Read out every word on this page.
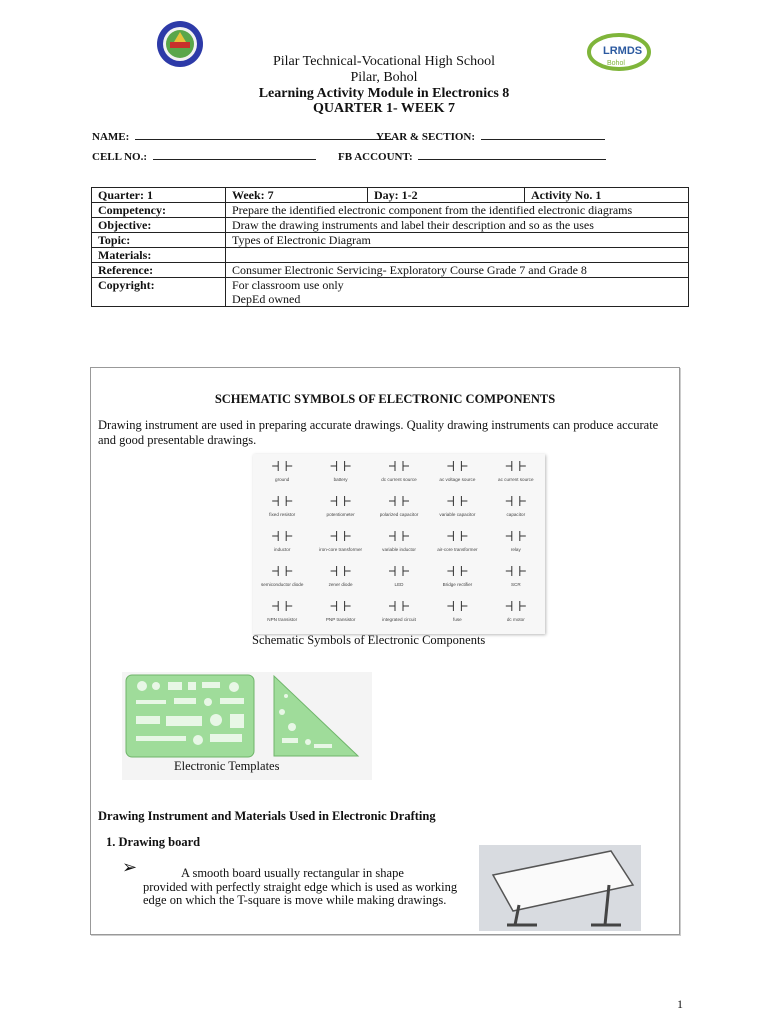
LRMDS
Bohol
Pilar Technical-Vocational High School
Pilar, Bohol
Learning Activity Module in Electronics 8
QUARTER 1- WEEK 7
NAME:	YEAR & SECTION:
CELL NO.:	FB ACCOUNT:
Quarter: 1	Week: 7	Day: 1-2	Activity No. 1
Competency:	Prepare the identified electronic component from the identified electronic diagrams		
Objective:	Draw the drawing instruments and label their description and so as the uses		
Topic:	Types of Electronic Diagram		
Materials:			
Reference:	Consumer Electronic Servicing- Exploratory Course Grade 7 and Grade 8		
Copyright:	For classroom use only
DepEd owned		
SCHEMATIC SYMBOLS OF ELECTRONIC COMPONENTS
Drawing instrument are used in preparing accurate drawings. Quality drawing instruments can produce accurate and good presentable drawings.
ground	battery	dc current source	ac voltage source	ac current source
fixed resistor	potentiometer	polarized capacitor	variable capacitor	capacitor
inductor	iron-core transformer	variable inductor	air-core transformer	relay
semiconductor diode	zener diode	LED	Bridge rectifier	SCR
NPN transistor	PNP transistor	integrated circuit	fuse	dc motor
Schematic Symbols of Electronic Components
Electronic Templates
Drawing Instrument and Materials Used in Electronic Drafting
1. Drawing board
➢	A smooth board usually rectangular in shape
provided with perfectly straight edge which is used as working edge on which the T-square is move while making drawings.
1
